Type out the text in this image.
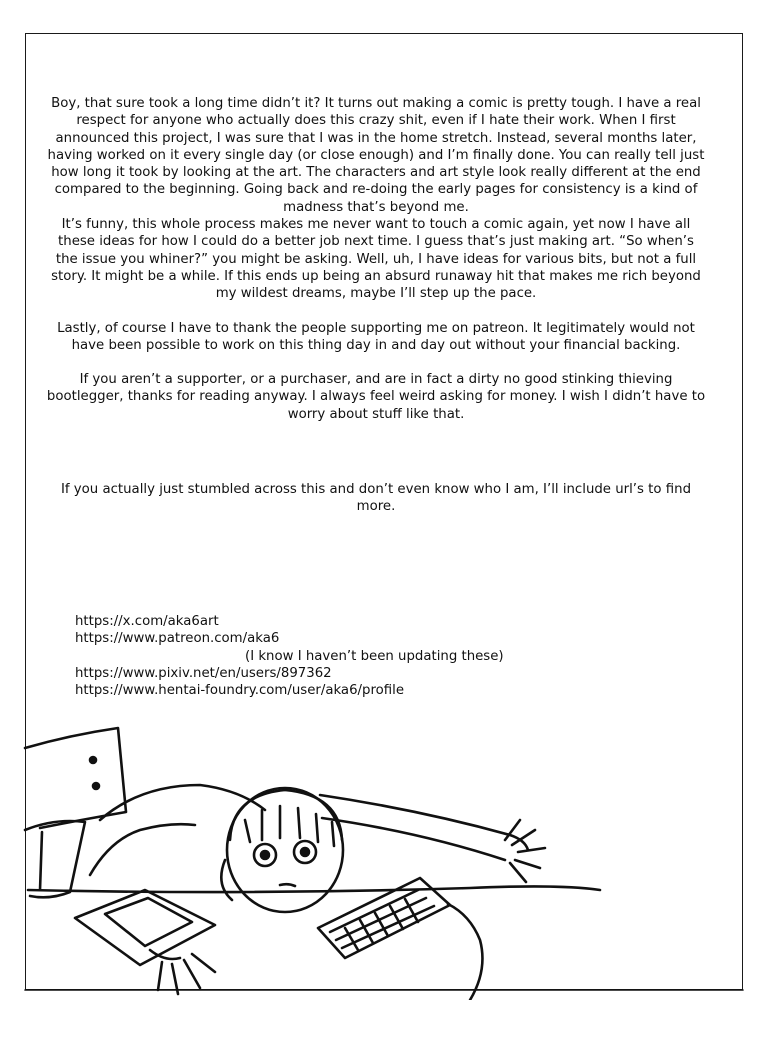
Boy, that sure took a long time didn’t it? It turns out making a comic is pretty tough. I have a real respect for anyone who actually does this crazy shit, even if I hate their work. When I first announced this project, I was sure that I was in the home stretch. Instead, several months later, having worked on it every single day (or close enough) and I’m finally done. You can really tell just how long it took by looking at the art. The characters and art style look really different at the end compared to the beginning. Going back and re-doing the early pages for consistency is a kind of madness that’s beyond me.

It’s funny, this whole process makes me never want to touch a comic again, yet now I have all these ideas for how I could do a better job next time. I guess that’s just making art. “So when’s the issue you whiner?” you might be asking. Well, uh, I have ideas for various bits, but not a full story. It might be a while. If this ends up being an absurd runaway hit that makes me rich beyond my wildest dreams, maybe I’ll step up the pace.

Lastly, of course I have to thank the people supporting me on patreon. It legitimately would not have been possible to work on this thing day in and day out without your financial backing.

If you aren’t a supporter, or a purchaser, and are in fact a dirty no good stinking thieving bootlegger, thanks for reading anyway. I always feel weird asking for money. I wish I didn’t have to worry about stuff like that.

If you actually just stumbled across this and don’t even know who I am, I’ll include url’s to find more.

https://x.com/aka6art

https://www.patreon.com/aka6

(I know I haven’t been updating these)

https://www.pixiv.net/en/users/897362

https://www.hentai-foundry.com/user/aka6/profile
